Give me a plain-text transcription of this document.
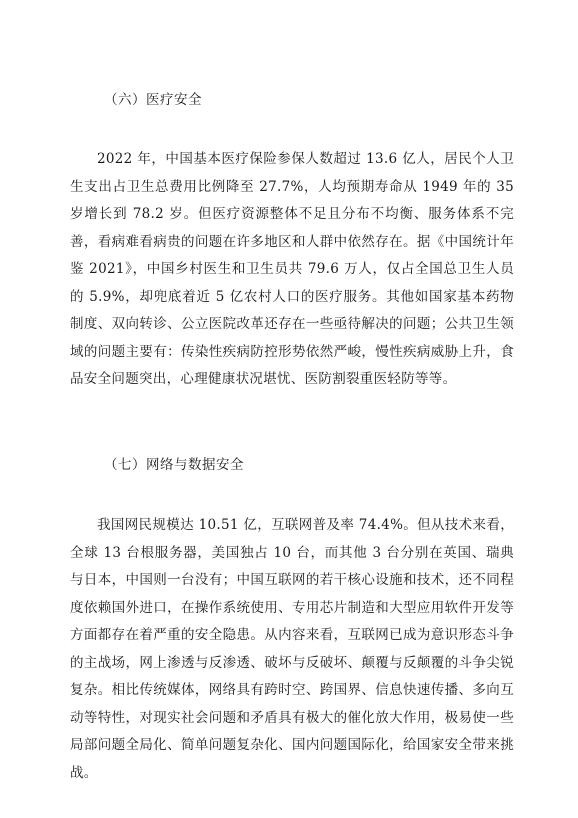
（六）医疗安全

2022 年，中国基本医疗保险参保人数超过 13.6 亿人，居民个人卫生支出占卫生总费用比例降至 27.7%，人均预期寿命从 1949 年的 35 岁增长到 78.2 岁。但医疗资源整体不足且分布不均衡、服务体系不完善，看病难看病贵的问题在许多地区和人群中依然存在。据《中国统计年鉴 2021》，中国乡村医生和卫生员共 79.6 万人，仅占全国总卫生人员的 5.9%，却兜底着近 5 亿农村人口的医疗服务。其他如国家基本药物制度、双向转诊、公立医院改革还存在一些亟待解决的问题；公共卫生领域的问题主要有：传染性疾病防控形势依然严峻，慢性疾病威胁上升，食品安全问题突出，心理健康状况堪忧、医防割裂重医轻防等等。

（七）网络与数据安全

我国网民规模达 10.51 亿，互联网普及率 74.4%。但从技术来看，全球 13 台根服务器，美国独占 10 台，而其他 3 台分别在英国、瑞典与日本，中国则一台没有；中国互联网的若干核心设施和技术，还不同程度依赖国外进口，在操作系统使用、专用芯片制造和大型应用软件开发等方面都存在着严重的安全隐患。从内容来看，互联网已成为意识形态斗争的主战场，网上渗透与反渗透、破坏与反破坏、颠覆与反颠覆的斗争尖锐复杂。相比传统媒体，网络具有跨时空、跨国界、信息快速传播、多向互动等特性，对现实社会问题和矛盾具有极大的催化放大作用，极易使一些局部问题全局化、简单问题复杂化、国内问题国际化，给国家安全带来挑战。
